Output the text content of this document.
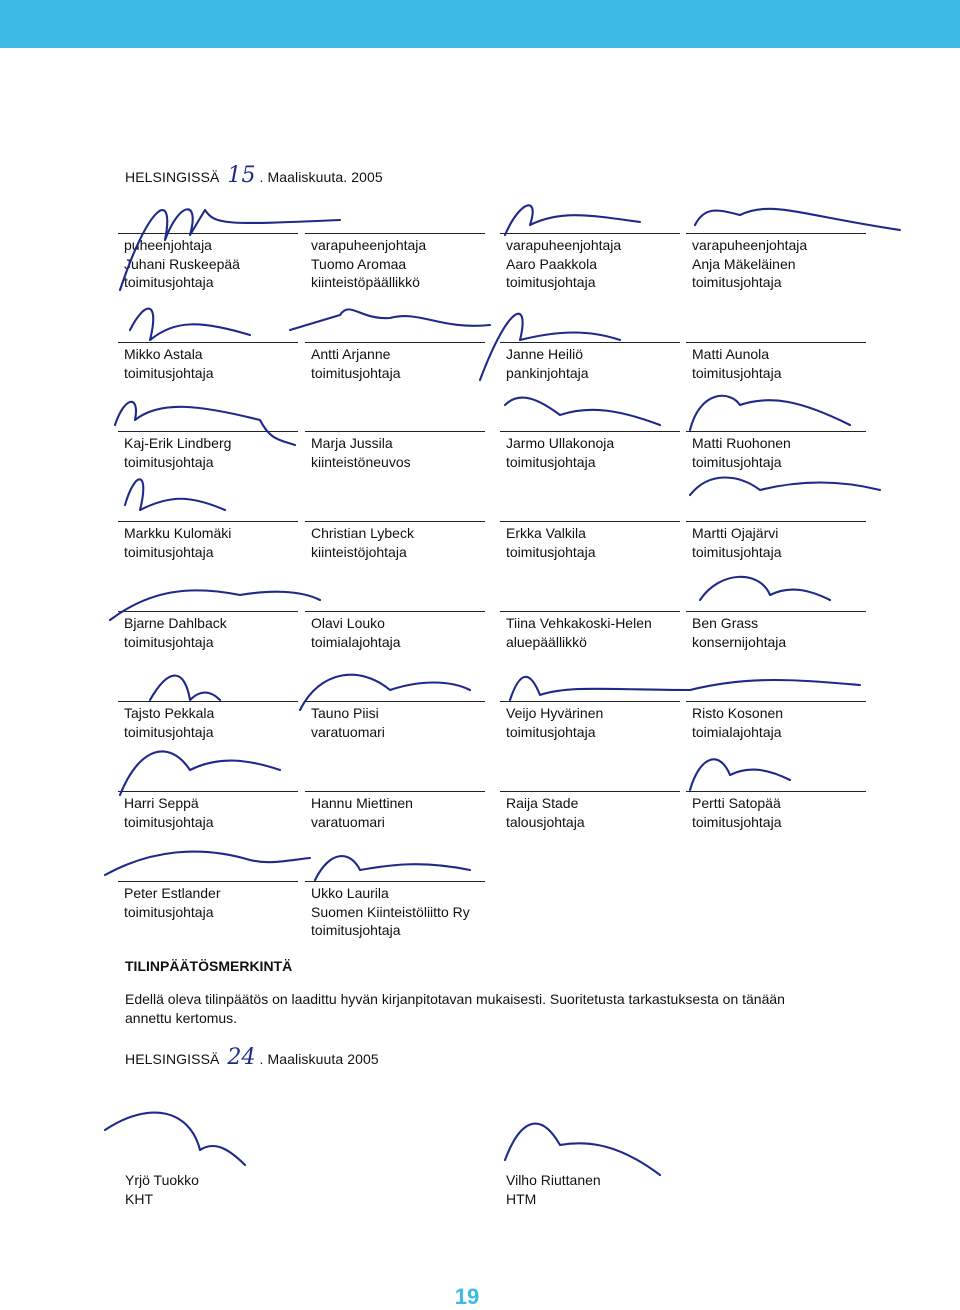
HELSINGISSÄ 15 . Maaliskuuta. 2005
puheenjohtaja
Juhani Ruskeepää
toimitusjohtaja
varapuheenjohtaja
Tuomo Aromaa
kiinteistöpäällikkö
varapuheenjohtaja
Aaro Paakkola
toimitusjohtaja
varapuheenjohtaja
Anja Mäkeläinen
toimitusjohtaja
Mikko Astala
toimitusjohtaja
Antti Arjanne
toimitusjohtaja
Janne Heiliö
pankinjohtaja
Matti Aunola
toimitusjohtaja
Kaj-Erik Lindberg
toimitusjohtaja
Marja Jussila
kiinteistöneuvos
Jarmo Ullakonoja
toimitusjohtaja
Matti Ruohonen
toimitusjohtaja
Markku Kulomäki
toimitusjohtaja
Christian Lybeck
kiinteistöjohtaja
Erkka Valkila
toimitusjohtaja
Martti Ojajärvi
toimitusjohtaja
Bjarne Dahlback
toimitusjohtaja
Olavi Louko
toimialajohtaja
Tiina Vehkakoski-Helen
aluepäällikkö
Ben Grass
konsernijohtaja
Tajsto Pekkala
toimitusjohtaja
Tauno Piisi
varatuomari
Veijo Hyvärinen
toimitusjohtaja
Risto Kosonen
toimialajohtaja
Harri Seppä
toimitusjohtaja
Hannu Miettinen
varatuomari
Raija Stade
talousjohtaja
Pertti Satopää
toimitusjohtaja
Peter Estlander
toimitusjohtaja
Ukko Laurila
Suomen Kiinteistöliitto Ry
toimitusjohtaja
TILINPÄÄTÖSMERKINTÄ
Edellä oleva tilinpäätös on laadittu hyvän kirjanpitotavan mukaisesti. Suoritetusta tarkastuksesta on tänään annettu kertomus.
HELSINGISSÄ 24 . Maaliskuuta 2005
Yrjö Tuokko
KHT
Vilho Riuttanen
HTM
19
